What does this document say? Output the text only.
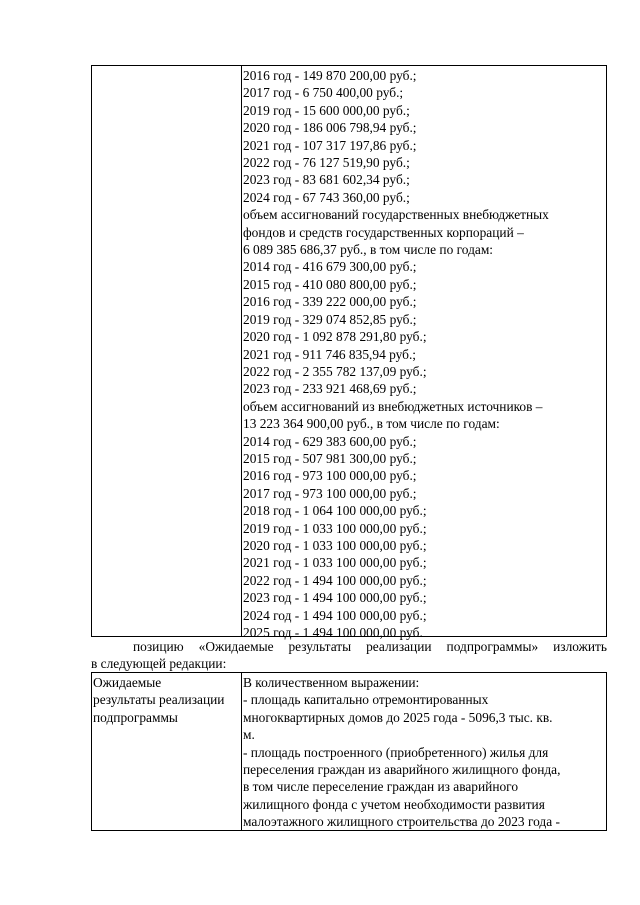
2016 год - 149 870 200,00 руб.;
2017 год - 6 750 400,00 руб.;
2019 год - 15 600 000,00 руб.;
2020 год - 186 006 798,94 руб.;
2021 год - 107 317 197,86 руб.;
2022 год - 76 127 519,90 руб.;
2023 год - 83 681 602,34 руб.;
2024 год - 67 743 360,00 руб.;
объем ассигнований государственных внебюджетных
фондов и средств государственных корпораций –
6 089 385 686,37 руб., в том числе по годам:
2014 год - 416 679 300,00 руб.;
2015 год - 410 080 800,00 руб.;
2016 год - 339 222 000,00 руб.;
2019 год - 329 074 852,85 руб.;
2020 год - 1 092 878 291,80 руб.;
2021 год - 911 746 835,94 руб.;
2022 год - 2 355 782 137,09 руб.;
2023 год - 233 921 468,69 руб.;
объем ассигнований из внебюджетных источников –
13 223 364 900,00 руб., в том числе по годам:
2014 год - 629 383 600,00 руб.;
2015 год - 507 981 300,00 руб.;
2016 год - 973 100 000,00 руб.;
2017 год - 973 100 000,00 руб.;
2018 год - 1 064 100 000,00 руб.;
2019 год - 1 033 100 000,00 руб.;
2020 год - 1 033 100 000,00 руб.;
2021 год - 1 033 100 000,00 руб.;
2022 год - 1 494 100 000,00 руб.;
2023 год - 1 494 100 000,00 руб.;
2024 год - 1 494 100 000,00 руб.;
2025 год - 1 494 100 000,00 руб.
позицию «Ожидаемые результаты реализации подпрограммы» изложить
в следующей редакции:
Ожидаемые
результаты реализации
подпрограммы
В количественном выражении:
- площадь капитально отремонтированных
многоквартирных домов до 2025 года - 5096,3 тыс. кв.
м.
- площадь построенного (приобретенного) жилья для
переселения граждан из аварийного жилищного фонда,
в том числе переселение граждан из аварийного
жилищного фонда с учетом необходимости развития
малоэтажного жилищного строительства до 2023 года -
